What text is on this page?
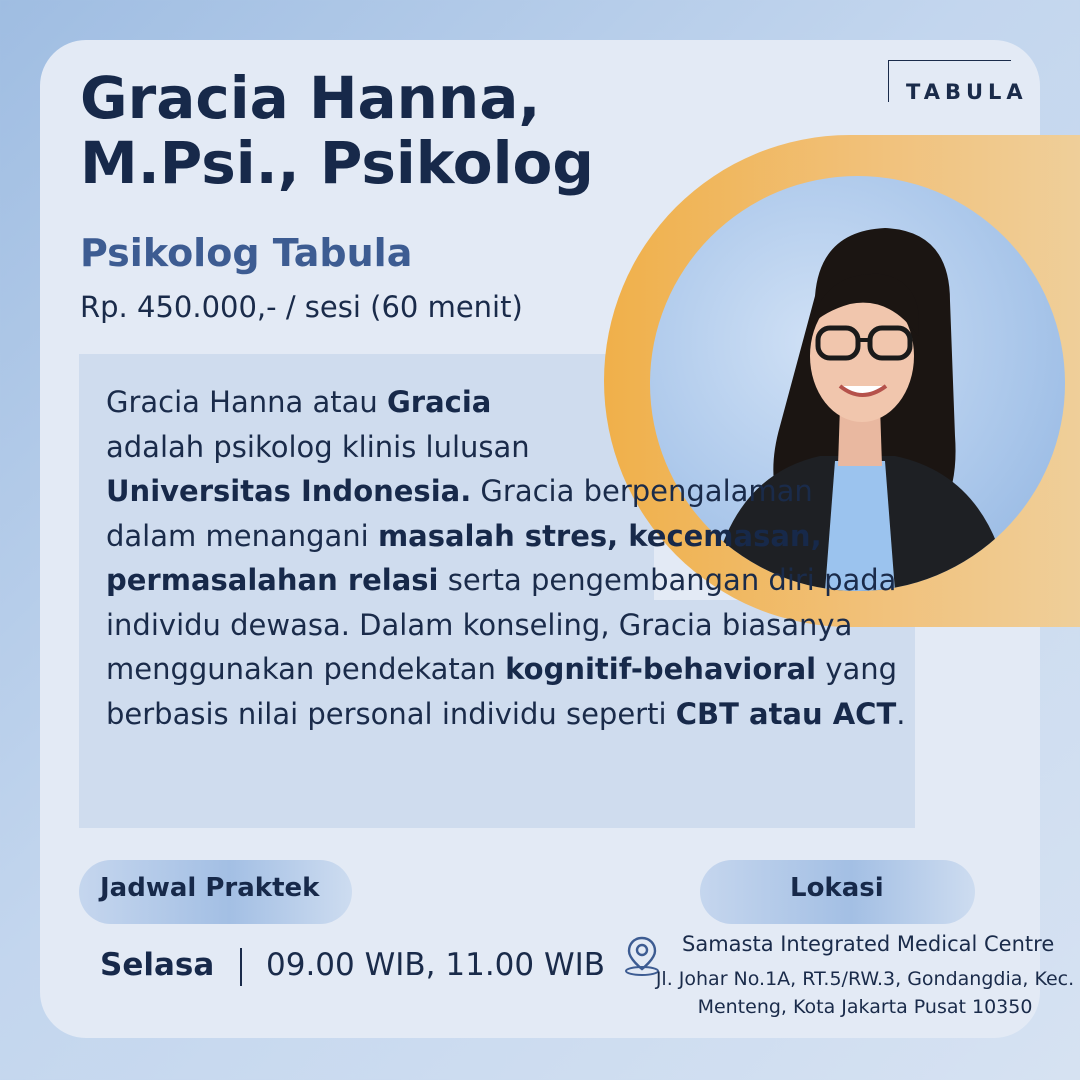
TABULA
Gracia Hanna, M.Psi., Psikolog
Psikolog Tabula
Rp. 450.000,- / sesi (60 menit)
Gracia Hanna atau Gracia
adalah psikolog klinis lulusan
Universitas Indonesia. Gracia berpengalaman dalam menangani masalah stres, kecemasan, permasalahan relasi serta pengembangan diri pada individu dewasa. Dalam konseling, Gracia biasanya menggunakan pendekatan kognitif-behavioral yang berbasis nilai personal individu seperti CBT atau ACT.
Jadwal Praktek	Lokasi
Selasa 09.00 WIB, 11.00 WIB
Samasta Integrated Medical Centre
Jl. Johar No.1A, RT.5/RW.3, Gondangdia, Kec. Menteng, Kota Jakarta Pusat 10350
